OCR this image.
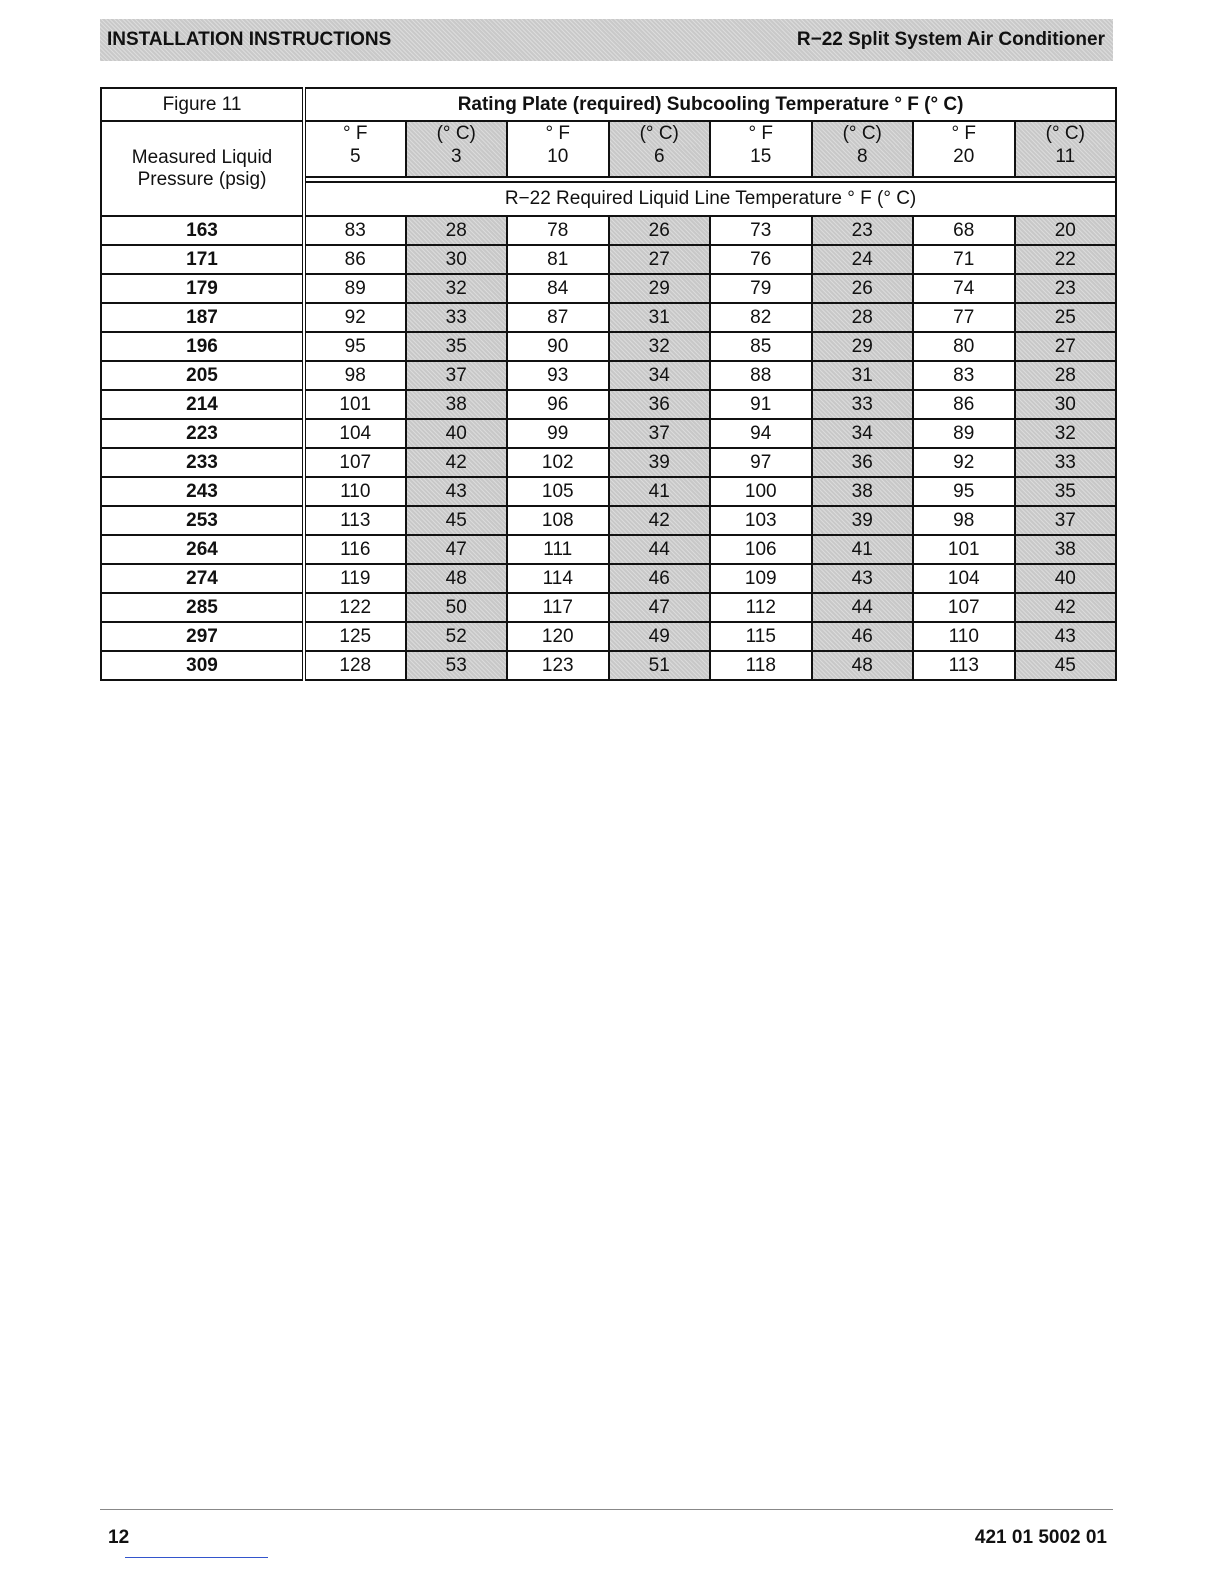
INSTALLATION INSTRUCTIONS	R−22 Split System Air Conditioner
Figure 11	Rating Plate (required) Subcooling Temperature ° F (° C)							
Measured Liquid Pressure (psig)	° F	(° C)	° F	(° C)	° F	(° C)	° F	(° C)
	5	3	10	6	15	8	20	11

	R−22 Required Liquid Line Temperature ° F (° C)							
163	83	28	78	26	73	23	68	20
171	86	30	81	27	76	24	71	22
179	89	32	84	29	79	26	74	23
187	92	33	87	31	82	28	77	25
196	95	35	90	32	85	29	80	27
205	98	37	93	34	88	31	83	28
214	101	38	96	36	91	33	86	30
223	104	40	99	37	94	34	89	32
233	107	42	102	39	97	36	92	33
243	110	43	105	41	100	38	95	35
253	113	45	108	42	103	39	98	37
264	116	47	111	44	106	41	101	38
274	119	48	114	46	109	43	104	40
285	122	50	117	47	112	44	107	42
297	125	52	120	49	115	46	110	43
309	128	53	123	51	118	48	113	45
12	421 01 5002 01
